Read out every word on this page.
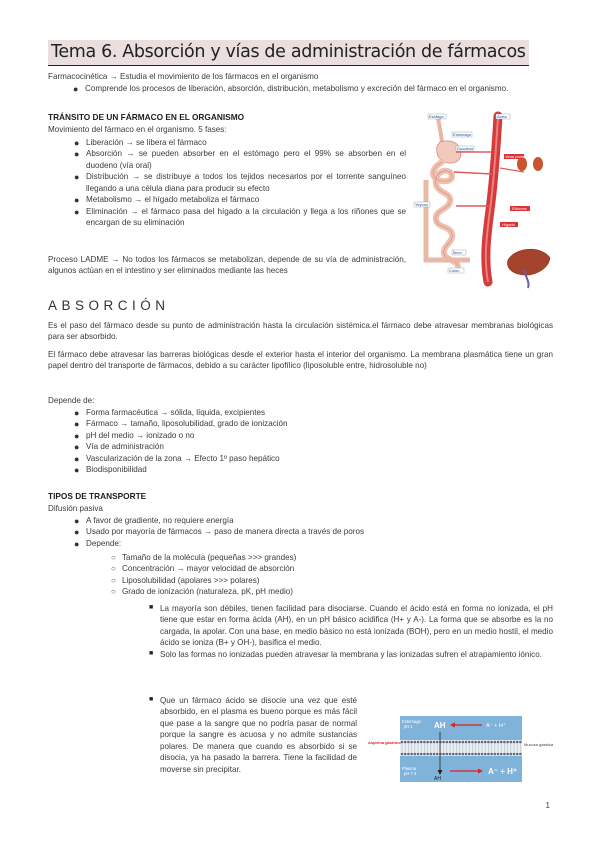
Tema 6. Absorción y vías de administración de fármacos

Farmacocinética → Estudia el movimiento de los fármacos en el organismo

● Comprende los procesos de liberación, absorción, distribución, metabolismo y excreción del fármaco en el organismo.
TRÁNSITO DE UN FÁRMACO EN EL ORGANISMO

Movimiento del fármaco en el organismo. 5 fases:

● Liberación → se libera el fármaco
● Absorción → se pueden absorber en el estómago pero el 99% se absorben en el duodeno (vía oral)
● Distribución → se distribuye a todos los tejidos necesarios por el torrente sanguíneo llegando a una célula diana para producir su efecto
● Metabolismo → el hígado metaboliza el fármaco
● Eliminación → el fármaco pasa del hígado a la circulación y llega a los riñones que se encargan de su eliminación

Proceso LADME → No todos los fármacos se metabolizan, depende de su vía de administración, algunos actúan en el intestino y ser eliminados mediante las heces

Esófago
Estómago
Duodeno
Yeyuno
Íleon
Colon
Vena porta
Riñones
Hígado
Aorta
ABSORCIÓN

Es el paso del fármaco desde su punto de administración hasta la circulación sistémica.el fármaco debe atravesar membranas biológicas para ser absorbido.

El fármaco debe atravesar las barreras biológicas desde el exterior hasta el interior del organismo. La membrana plasmática tiene un gran papel dentro del transporte de fármacos, debido a su carácter lipofílico (liposoluble entre, hidrosoluble no)

Depende de:

● Forma farmacéutica → sólida, líquida, excipientes
● Fármaco → tamaño, liposolubilidad, grado de ionización
● pH del medio → ionizado o no
● Vía de administración
● Vascularización de la zona → Efecto 1º paso hepático
● Biodisponibilidad
TIPOS DE TRANSPORTE

Difusión pasiva

● A favor de gradiente, no requiere energía
● Usado por mayoría de fármacos → paso de manera directa a través de poros
● Depende:
○ Tamaño de la molécula (pequeñas >>> grandes)
○ Concentración → mayor velocidad de absorción
○ Liposolubilidad (apolares >>> polares)
○ Grado de ionización (naturaleza, pK, pH medio)
■ La mayoría son débiles, tienen facilidad para disociarse. Cuando el ácido está en forma no ionizada, el pH tiene que estar en forma ácida (AH), en un pH básico acidifica (H+ y A-). La forma que se absorbe es la no cargada, la apolar. Con una base, en medio básico no está ionizada (BOH), pero en un medio hostil, el medio ácido se ioniza (B+ y OH-), basifica el medio.
■ Solo las formas no ionizadas pueden atravesar la membrana y las ionizadas sufren el atrapamiento iónico.
■ Que un fármaco ácido se disocie una vez que esté absorbido, en el plasma es bueno porque es más fácil que pase a la sangre que no podría pasar de normal porque la sangre es acuosa y no admite sustancias polares. De manera que cuando es absorbido si se disocia, ya ha pasado la barrera. Tiene la facilidad de moverse sin precipitar.
Estómago
pH 1
Plasma
pH 7.4
Mucosa gástrica
Aspirina gástrico
AH	A⁻ + H⁺
AH
A⁻ + H⁺
1
